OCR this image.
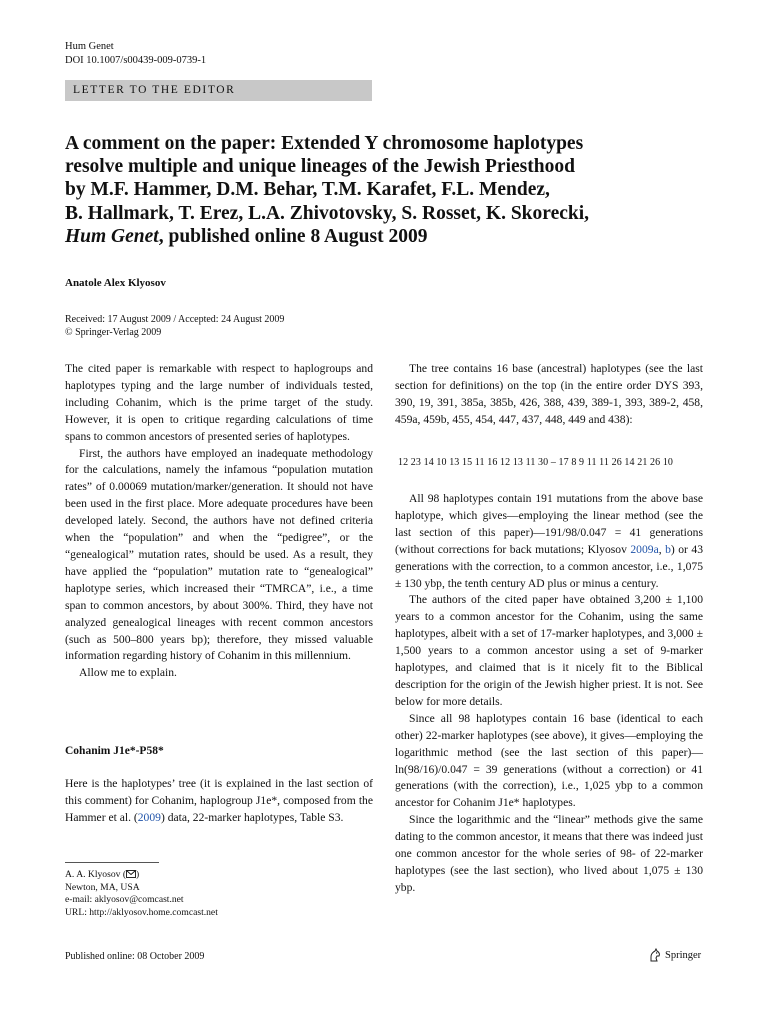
Hum Genet
DOI 10.1007/s00439-009-0739-1
LETTER TO THE EDITOR
A comment on the paper: Extended Y chromosome haplotypes
resolve multiple and unique lineages of the Jewish Priesthood
by M.F. Hammer, D.M. Behar, T.M. Karafet, F.L. Mendez,
B. Hallmark, T. Erez, L.A. Zhivotovsky, S. Rosset, K. Skorecki,
Hum Genet, published online 8 August 2009
Anatole Alex Klyosov
Received: 17 August 2009 / Accepted: 24 August 2009
© Springer-Verlag 2009

The cited paper is remarkable with respect to haplogroups and haplotypes typing and the large number of individuals tested, including Cohanim, which is the prime target of the study. However, it is open to critique regarding calculations of time spans to common ancestors of presented series of haplotypes.

First, the authors have employed an inadequate methodology for the calculations, namely the infamous “population mutation rates” of 0.00069 mutation/marker/generation. It should not have been used in the first place. More adequate procedures have been developed lately. Second, the authors have not defined criteria when the “population” and when the “pedigree”, or the “genealogical” mutation rates, should be used. As a result, they have applied the “population” mutation rate to “genealogical” haplotype series, which increased their “TMRCA”, i.e., a time span to common ancestors, by about 300%. Third, they have not analyzed genealogical lineages with recent common ancestors (such as 500–800 years bp); therefore, they missed valuable information regarding history of Cohanim in this millennium.

Allow me to explain.

Cohanim J1e*-P58*
Here is the haplotypes’ tree (it is explained in the last section of this comment) for Cohanim, haplogroup J1e*, composed from the Hammer et al. (2009) data, 22-marker haplotypes, Table S3.

The tree contains 16 base (ancestral) haplotypes (see the last section for definitions) on the top (in the entire order DYS 393, 390, 19, 391, 385a, 385b, 426, 388, 439, 389-1, 393, 389-2, 458, 459a, 459b, 455, 454, 447, 437, 448, 449 and 438):

12 23 14 10 13 15 11 16 12 13 11 30 – 17 8 9 11 11 26 14 21 26 10

All 98 haplotypes contain 191 mutations from the above base haplotype, which gives—employing the linear method (see the last section of this paper)—191/98/0.047 = 41 generations (without corrections for back mutations; Klyosov 2009a, b) or 43 generations with the correction, to a common ancestor, i.e., 1,075 ± 130 ybp, the tenth century AD plus or minus a century.

The authors of the cited paper have obtained 3,200 ± 1,100 years to a common ancestor for the Cohanim, using the same haplotypes, albeit with a set of 17-marker haplotypes, and 3,000 ± 1,500 years to a common ancestor using a set of 9-marker haplotypes, and claimed that is it nicely fit to the Biblical description for the origin of the Jewish higher priest. It is not. See below for more details.

Since all 98 haplotypes contain 16 base (identical to each other) 22-marker haplotypes (see above), it gives—employing the logarithmic method (see the last section of this paper)—ln(98/16)/0.047 = 39 generations (without a correction) or 41 generations (with the correction), i.e., 1,025 ybp to a common ancestor for Cohanim J1e* haplotypes.

Since the logarithmic and the “linear” methods give the same dating to the common ancestor, it means that there was indeed just one common ancestor for the whole series of 98- of 22-marker haplotypes (see the last section), who lived about 1,075 ± 130 ybp.

A. A. Klyosov ( )
Newton, MA, USA
e-mail: aklyosov@comcast.net
URL: http://aklyosov.home.comcast.net
Published online: 08 October 2009	Springer
